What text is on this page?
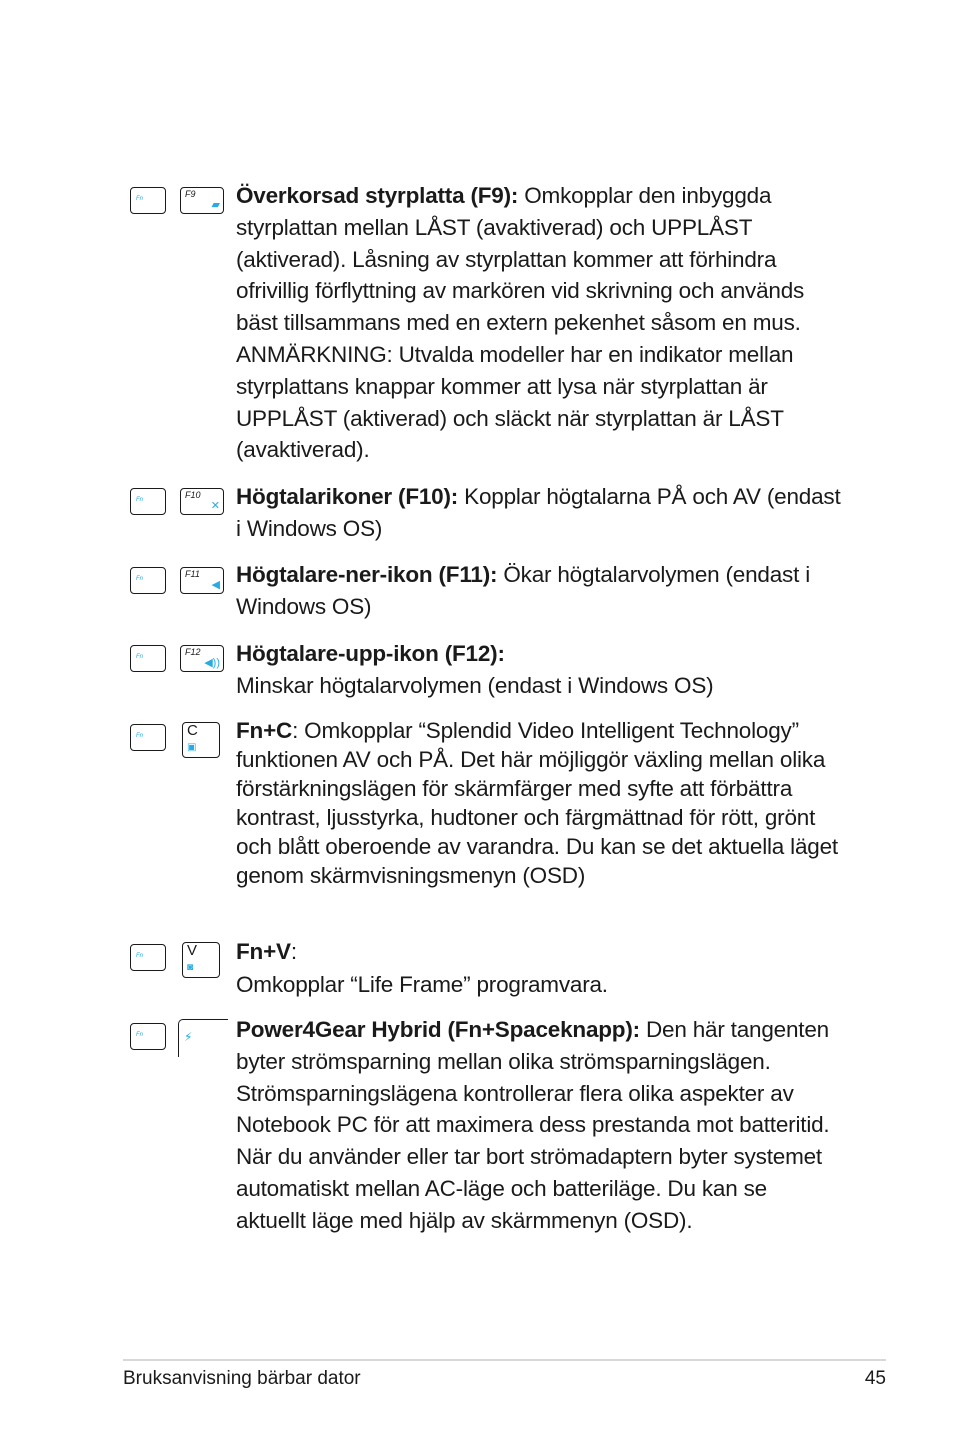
Fn	F9
▰ Överkorsad styrplatta (F9): Omkopplar den inbyggda styrplattan mellan LÅST (avaktiverad) och UPPLÅST (aktiverad). Låsning av styrplattan kommer att förhindra ofrivillig förflyttning av markören vid skrivning och används bäst tillsammans med en extern pekenhet såsom en mus. ANMÄRKNING: Utvalda modeller har en indikator mellan styrplattans knappar kommer att lysa när styrplattan är UPPLÅST (aktiverad) och släckt när styrplattan är LÅST (avaktiverad).

Fn	F10
✕ Högtalarikoner (F10): Kopplar högtalarna PÅ och AV (endast i Windows OS)

Fn	F11
◀ Högtalare-ner-ikon (F11): Ökar högtalarvolymen (endast i Windows OS)

Fn	F12
◀)) Högtalare-upp-ikon (F12):
Minskar högtalarvolymen (endast i Windows OS)

Fn	C
▣

Fn+C: Omkopplar “Splendid Video Intelligent Technology” funktionen AV och PÅ. Det här möjliggör växling mellan olika förstärkningslägen för skärmfärger med syfte att förbättra kontrast, ljusstyrka, hudtoner och färgmättnad för rött, grönt och blått oberoende av varandra. Du kan se det aktuella läget genom skärmvisningsmenyn (OSD)

Fn	V
◙

Fn+V:
Omkopplar “Life Frame” programvara.

Fn	⚡ Power4Gear Hybrid (Fn+Spaceknapp): Den här tangenten byter strömsparning mellan olika strömsparningslägen. Strömsparningslägena kontrollerar flera olika aspekter av Notebook PC för att maximera dess prestanda mot batteritid. När du använder eller tar bort strömadaptern byter systemet automatiskt mellan AC-läge och batteriläge. Du kan se aktuellt läge med hjälp av skärmmenyn (OSD).

Bruksanvisning bärbar dator	45
